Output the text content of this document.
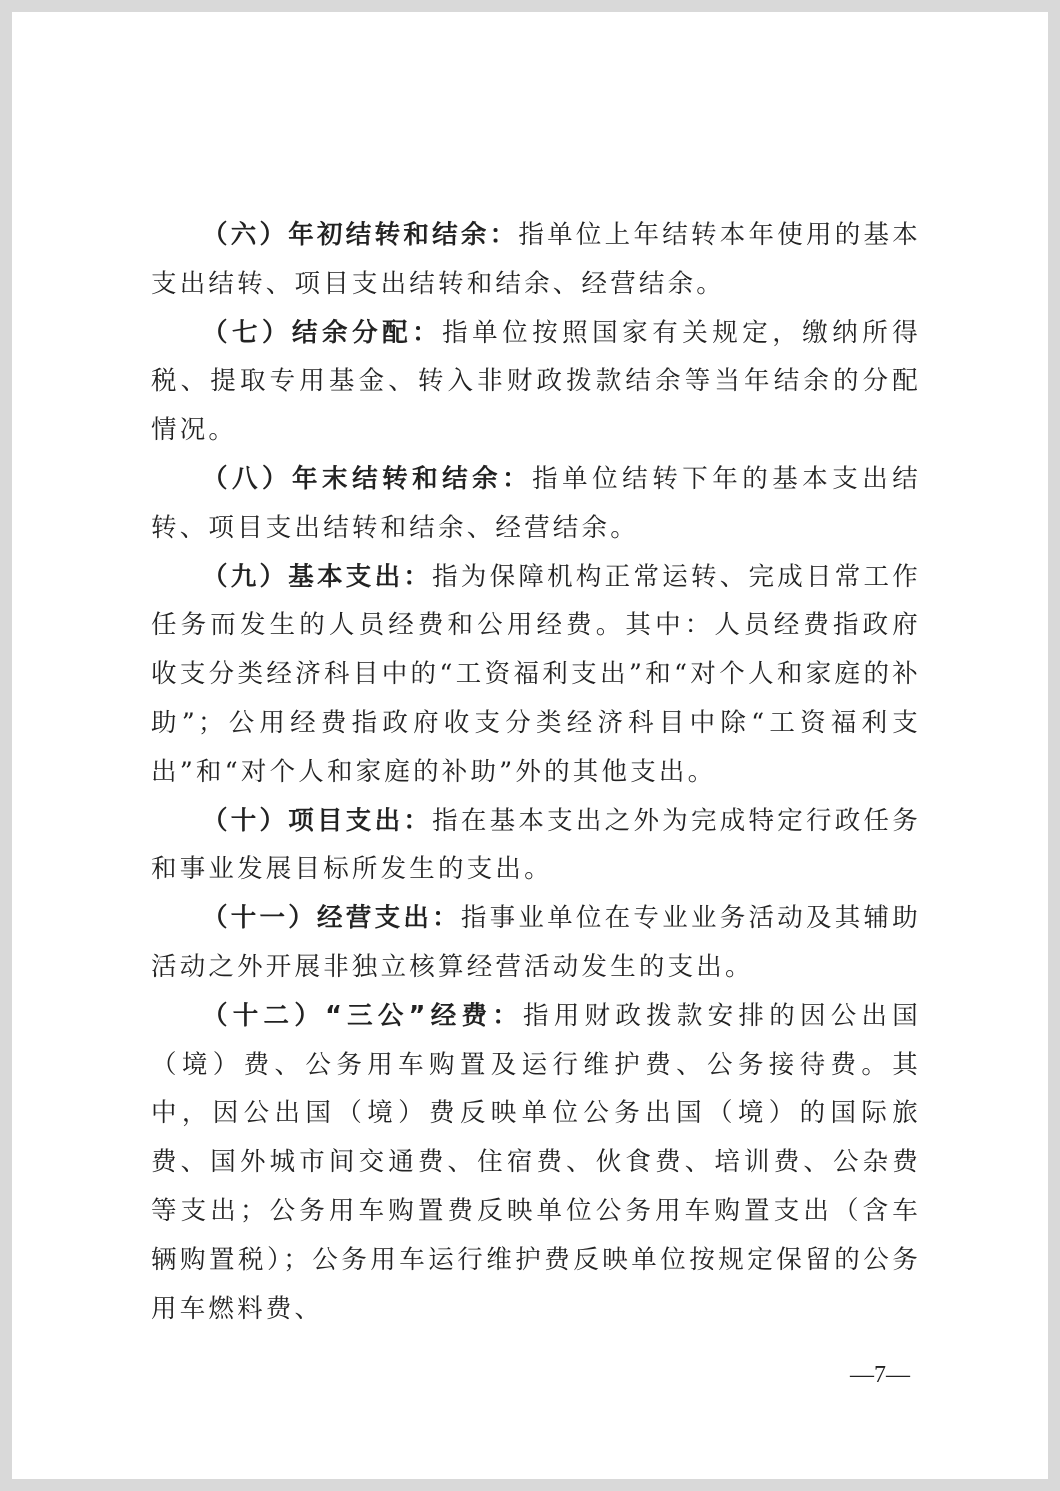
（六）年初结转和结余：指单位上年结转本年使用的基本支出结转、项目支出结转和结余、经营结余。

（七）结余分配：指单位按照国家有关规定，缴纳所得税、提取专用基金、转入非财政拨款结余等当年结余的分配情况。

（八）年末结转和结余：指单位结转下年的基本支出结转、项目支出结转和结余、经营结余。

（九）基本支出：指为保障机构正常运转、完成日常工作任务而发生的人员经费和公用经费。其中：人员经费指政府收支分类经济科目中的“工资福利支出”和“对个人和家庭的补助”；公用经费指政府收支分类经济科目中除“工资福利支出”和“对个人和家庭的补助”外的其他支出。

（十）项目支出：指在基本支出之外为完成特定行政任务和事业发展目标所发生的支出。

（十一）经营支出：指事业单位在专业业务活动及其辅助活动之外开展非独立核算经营活动发生的支出。

（十二）“三公”经费：指用财政拨款安排的因公出国（境）费、公务用车购置及运行维护费、公务接待费。其中，因公出国（境）费反映单位公务出国（境）的国际旅费、国外城市间交通费、住宿费、伙食费、培训费、公杂费等支出；公务用车购置费反映单位公务用车购置支出（含车辆购置税）；公务用车运行维护费反映单位按规定保留的公务用车燃料费、

—7—
